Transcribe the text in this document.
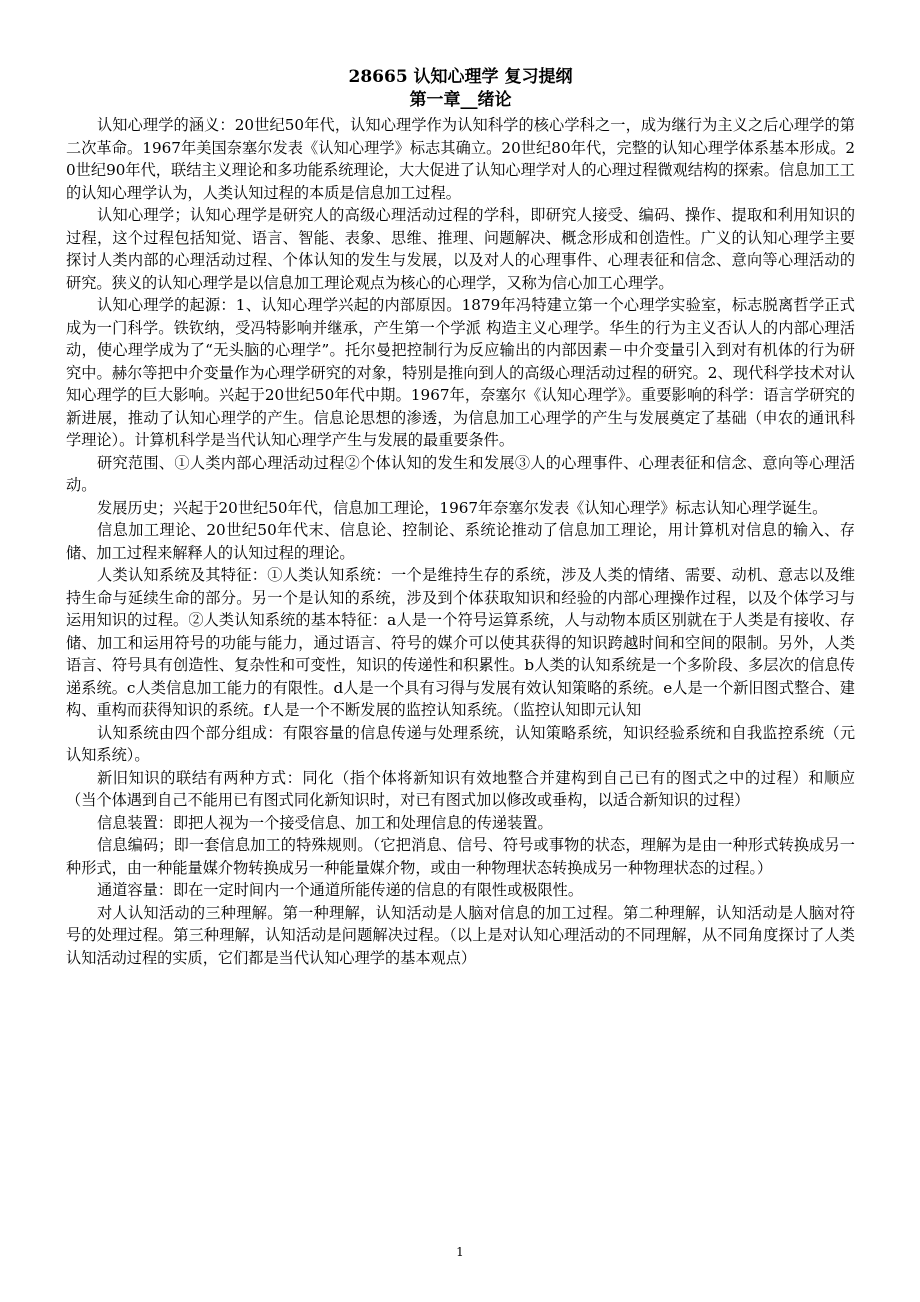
28665 认知心理学 复习提纲
第一章__绪论

认知心理学的涵义：20世纪50年代，认知心理学作为认知科学的核心学科之一，成为继行为主义之后心理学的第二次革命。1967年美国奈塞尔发表《认知心理学》标志其确立。20世纪80年代，完整的认知心理学体系基本形成。20世纪90年代，联结主义理论和多功能系统理论，大大促进了认知心理学对人的心理过程微观结构的探索。信息加工工的认知心理学认为，人类认知过程的本质是信息加工过程。

认知心理学；认知心理学是研究人的高级心理活动过程的学科，即研究人接受、编码、操作、提取和利用知识的过程，这个过程包括知觉、语言、智能、表象、思维、推理、问题解决、概念形成和创造性。广义的认知心理学主要探讨人类内部的心理活动过程、个体认知的发生与发展，以及对人的心理事件、心理表征和信念、意向等心理活动的研究。狭义的认知心理学是以信息加工理论观点为核心的心理学，又称为信心加工心理学。

认知心理学的起源：1、认知心理学兴起的内部原因。1879年冯特建立第一个心理学实验室，标志脱离哲学正式成为一门科学。铁钦纳，受冯特影响并继承，产生第一个学派 构造主义心理学。华生的行为主义否认人的内部心理活动，使心理学成为了“无头脑的心理学”。托尔曼把控制行为反应输出的内部因素－中介变量引入到对有机体的行为研究中。赫尔等把中介变量作为心理学研究的对象，特别是推向到人的高级心理活动过程的研究。2、现代科学技术对认知心理学的巨大影响。兴起于20世纪50年代中期。1967年，奈塞尔《认知心理学》。重要影响的科学：语言学研究的新进展，推动了认知心理学的产生。信息论思想的渗透，为信息加工心理学的产生与发展奠定了基础（申农的通讯科学理论）。计算机科学是当代认知心理学产生与发展的最重要条件。

研究范围、①人类内部心理活动过程②个体认知的发生和发展③人的心理事件、心理表征和信念、意向等心理活动。

发展历史；兴起于20世纪50年代，信息加工理论，1967年奈塞尔发表《认知心理学》标志认知心理学诞生。

信息加工理论、20世纪50年代末、信息论、控制论、系统论推动了信息加工理论，用计算机对信息的输入、存储、加工过程来解释人的认知过程的理论。

人类认知系统及其特征：①人类认知系统：一个是维持生存的系统，涉及人类的情绪、需要、动机、意志以及维持生命与延续生命的部分。另一个是认知的系统，涉及到个体获取知识和经验的内部心理操作过程，以及个体学习与运用知识的过程。②人类认知系统的基本特征：a人是一个符号运算系统，人与动物本质区别就在于人类是有接收、存储、加工和运用符号的功能与能力，通过语言、符号的媒介可以使其获得的知识跨越时间和空间的限制。另外，人类语言、符号具有创造性、复杂性和可变性，知识的传递性和积累性。b人类的认知系统是一个多阶段、多层次的信息传递系统。c人类信息加工能力的有限性。d人是一个具有习得与发展有效认知策略的系统。e人是一个新旧图式整合、建构、重构而获得知识的系统。f人是一个不断发展的监控认知系统。（监控认知即元认知

认知系统由四个部分组成：有限容量的信息传递与处理系统，认知策略系统，知识经验系统和自我监控系统（元认知系统）。

新旧知识的联结有两种方式：同化（指个体将新知识有效地整合并建构到自己已有的图式之中的过程）和顺应（当个体遇到自己不能用已有图式同化新知识时，对已有图式加以修改或垂构，以适合新知识的过程）

信息装置：即把人视为一个接受信息、加工和处理信息的传递装置。

信息编码；即一套信息加工的特殊规则。（它把消息、信号、符号或事物的状态，理解为是由一种形式转换成另一种形式，由一种能量媒介物转换成另一种能量媒介物，或由一种物理状态转换成另一种物理状态的过程。）

通道容量：即在一定时间内一个通道所能传递的信息的有限性或极限性。

对人认知活动的三种理解。第一种理解，认知活动是人脑对信息的加工过程。第二种理解，认知活动是人脑对符号的处理过程。第三种理解，认知活动是问题解决过程。（以上是对认知心理活动的不同理解，从不同角度探讨了人类认知活动过程的实质，它们都是当代认知心理学的基本观点）

1
